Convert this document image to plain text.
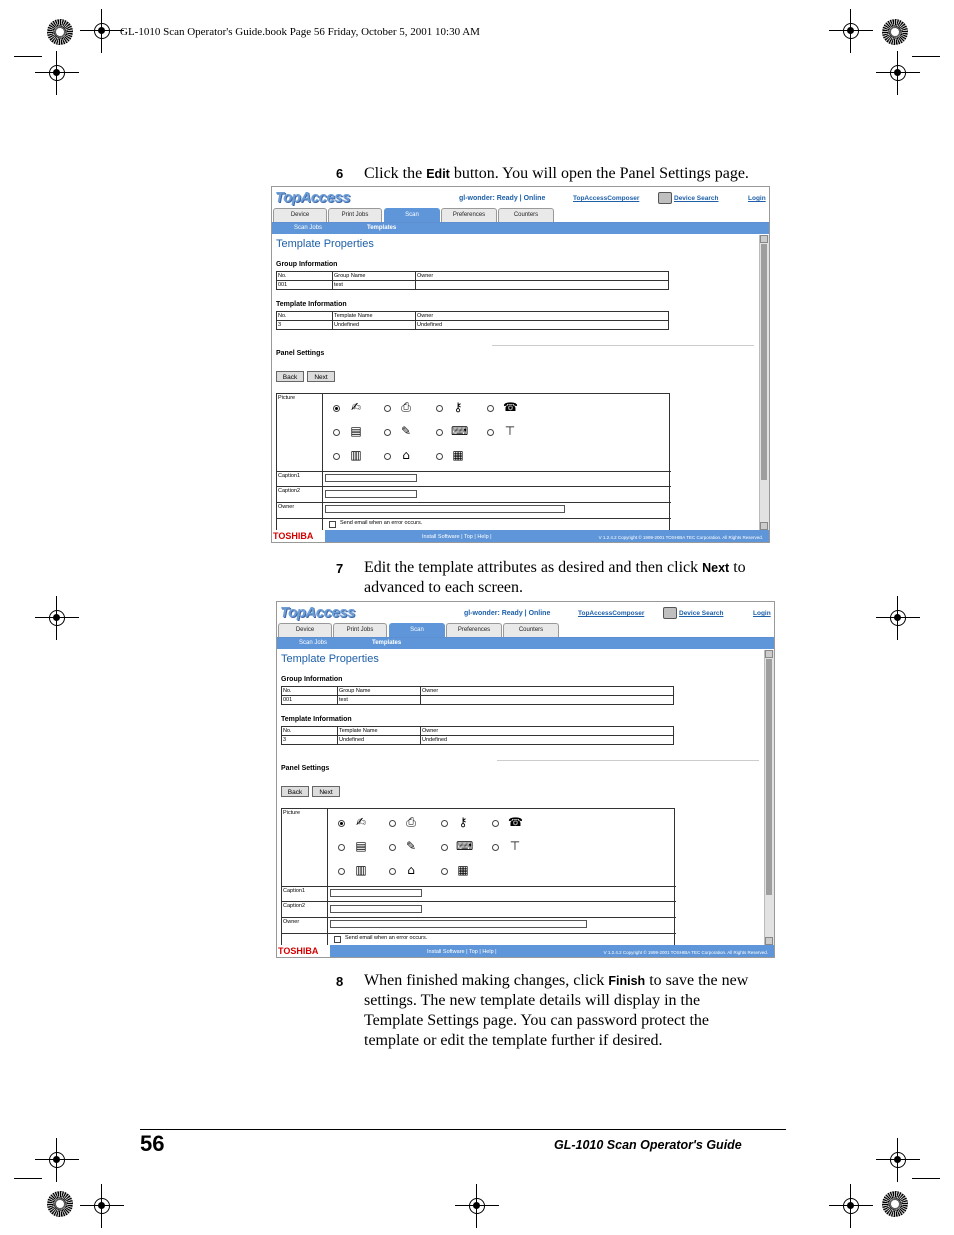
GL-1010 Scan Operator's Guide.book Page 56 Friday, October 5, 2001 10:30 AM
6 Click the Edit button. You will open the Panel Settings page.
TopAccess	gl-wonder: Ready | Online	TopAccessComposer	Device Search	Login
Device	Print Jobs	Scan	Preferences	Counters
Scan Jobs	Templates
Template Properties
Group Information
No.	Group Name	Owner
001	test	
Template Information
No.	Template Name	Owner
3	Undefined	Undefined
Panel Settings
Back	Next
Picture
✍	⎙	⚷	☎
▤	✎	⌨	⊤
▥	⌂	▦
Caption1
Caption2
Owner
Send email when an error occurs.
TOSHIBA	Install Software | Top | Help |	V 1.2.4.2 Copyright © 1999-2001 TOSHIBA TEC Corporation. All Rights Reserved.
7 Edit the template attributes as desired and then click Next to
advanced to each screen.
TopAccess	gl-wonder: Ready | Online	TopAccessComposer	Device Search	Login
Device	Print Jobs	Scan	Preferences	Counters
Scan Jobs	Templates
Template Properties
Group Information
No.	Group Name	Owner
001	test	
Template Information
No.	Template Name	Owner
3	Undefined	Undefined
Panel Settings
Back	Next
Picture
✍	⎙	⚷	☎
▤	✎	⌨	⊤
▥	⌂	▦
Caption1
Caption2
Owner
Send email when an error occurs.
TOSHIBA	Install Software | Top | Help |	V 1.2.4.2 Copyright © 1999-2001 TOSHIBA TEC Corporation. All Rights Reserved.
8 When finished making changes, click Finish to save the new
settings. The new template details will display in the
Template Settings page. You can password protect the
template or edit the template further if desired.
56	GL-1010 Scan Operator's Guide
